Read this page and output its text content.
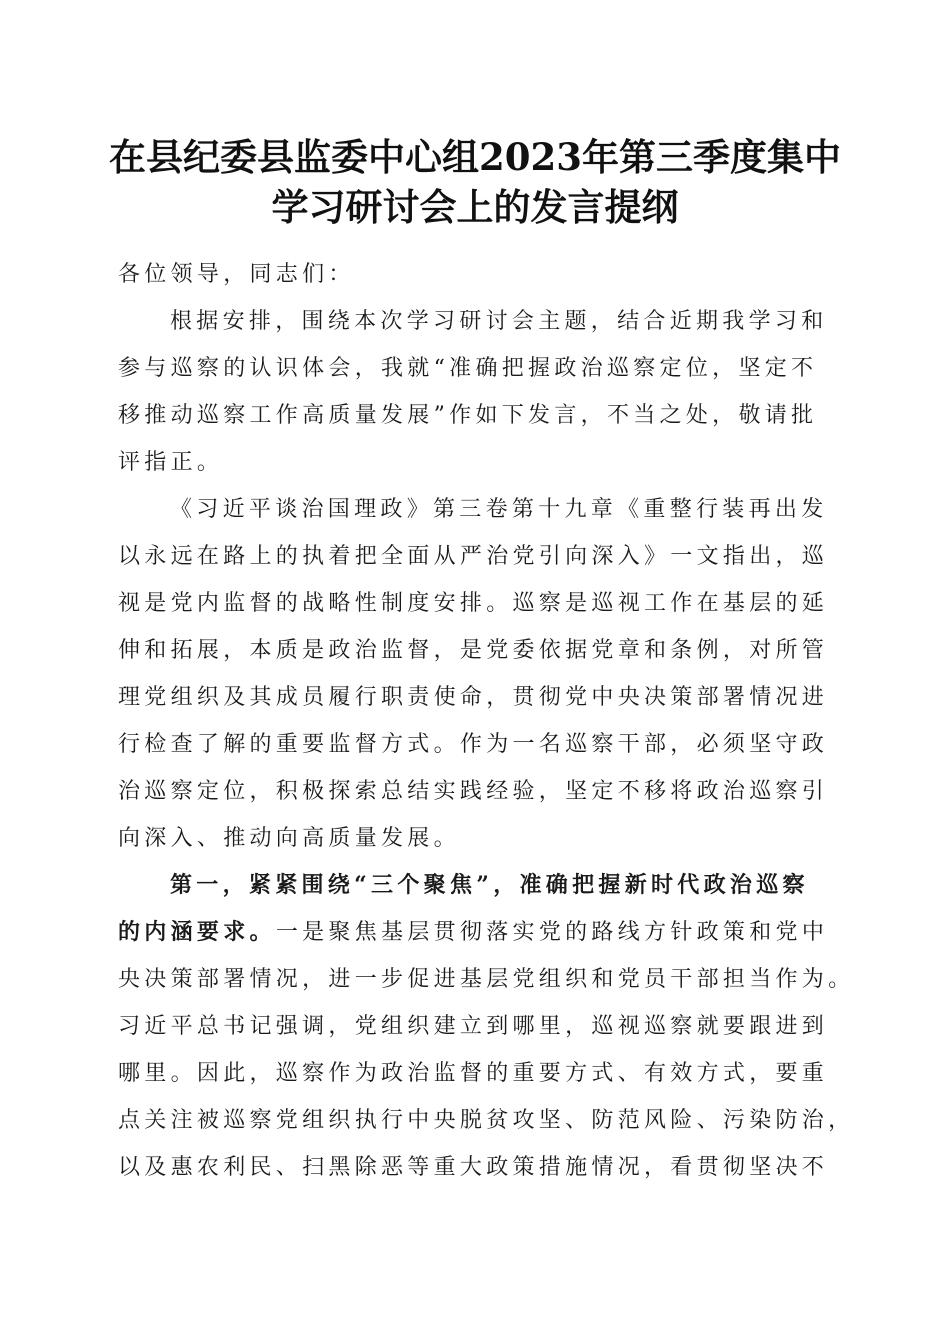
在县纪委县监委中心组2023年第三季度集中
学习研讨会上的发言提纲
各位领导，同志们：
根据安排，围绕本次学习研讨会主题，结合近期我学习和
参与巡察的认识体会，我就“准确把握政治巡察定位，坚定不
移推动巡察工作高质量发展”作如下发言，不当之处，敬请批
评指正。
《习近平谈治国理政》第三卷第十九章《重整行装再出发
以永远在路上的执着把全面从严治党引向深入》一文指出，巡
视是党内监督的战略性制度安排。巡察是巡视工作在基层的延
伸和拓展，本质是政治监督，是党委依据党章和条例，对所管
理党组织及其成员履行职责使命，贯彻党中央决策部署情况进
行检查了解的重要监督方式。作为一名巡察干部，必须坚守政
治巡察定位，积极探索总结实践经验，坚定不移将政治巡察引
向深入、推动向高质量发展。
第一，紧紧围绕“三个聚焦”，准确把握新时代政治巡察
的内涵要求。一是聚焦基层贯彻落实党的路线方针政策和党中
央决策部署情况，进一步促进基层党组织和党员干部担当作为。
习近平总书记强调，党组织建立到哪里，巡视巡察就要跟进到
哪里。因此，巡察作为政治监督的重要方式、有效方式，要重
点关注被巡察党组织执行中央脱贫攻坚、防范风险、污染防治，
以及惠农利民、扫黑除恶等重大政策措施情况，看贯彻坚决不
